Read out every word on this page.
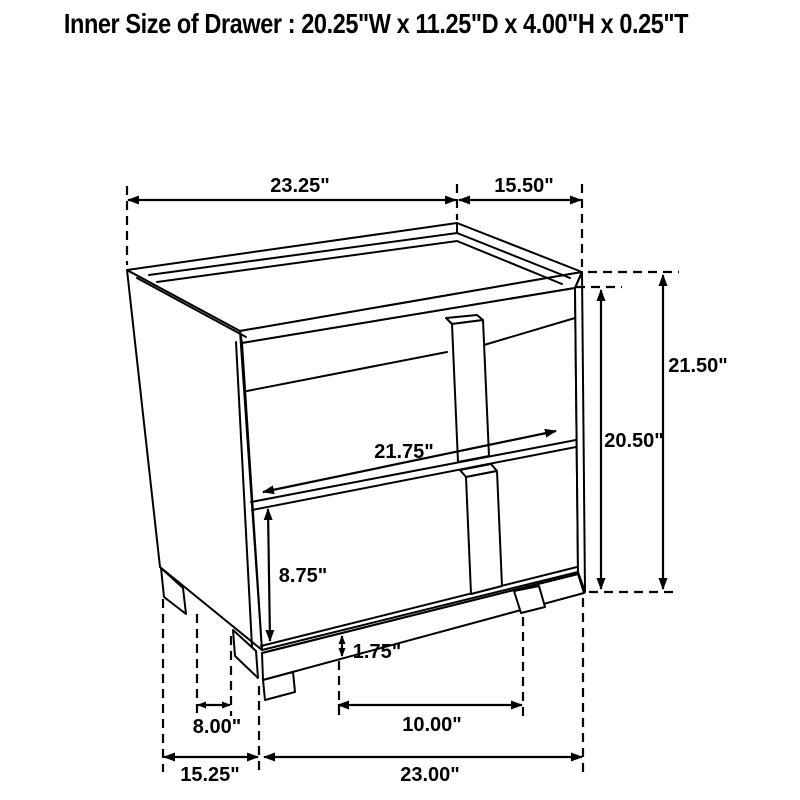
Inner Size of Drawer : 20.25"W x 11.25"D x 4.00"H x 0.25"T
23.25"	15.50"
21.50"
20.50"
21.75"
8.75"
1.75"
10.00"
8.00"
15.25"	23.00"
